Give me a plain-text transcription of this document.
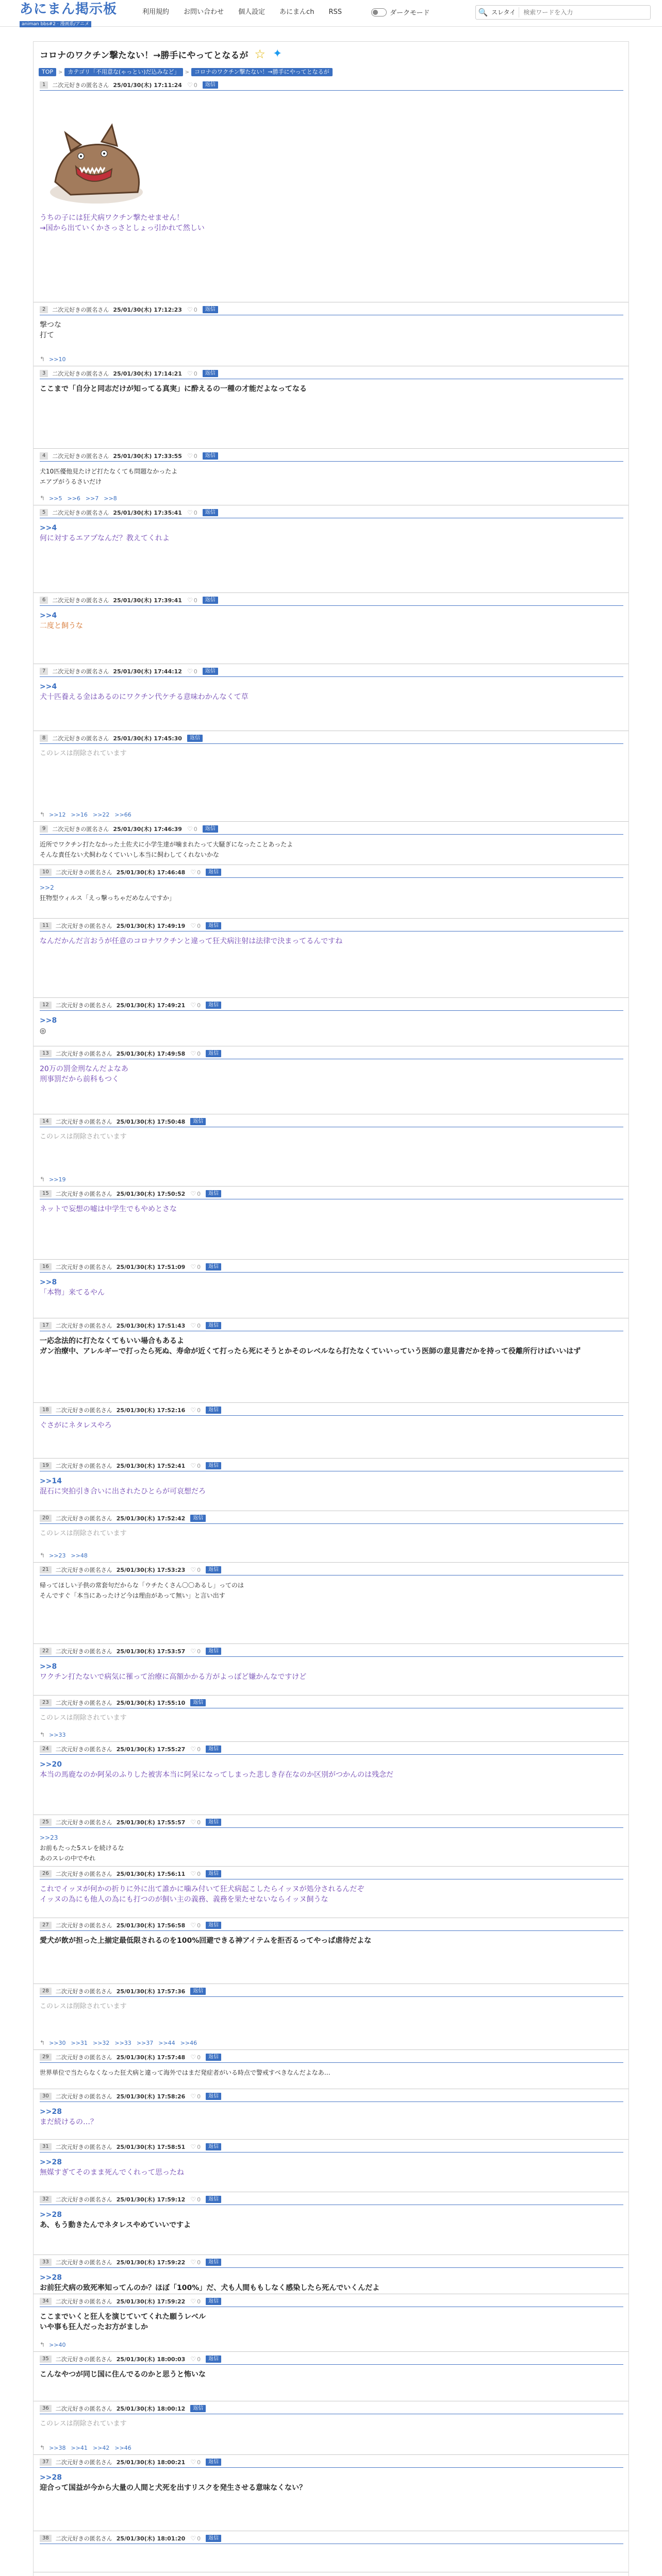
あにまん掲示板
animan bbs#2 · 漫画系/アニメ
利用規約	お問い合わせ	個人設定	あにまんch	RSS	ダークモード	🔍 スレタイ
検索ワードを入力
コロナのワクチン撃たない！→勝手にやってとなるが ☆ ✦
TOP	> カテゴリ「不用意な(ゃっとい)だ込みなど」	> コロナのワクチン撃たない！→勝手にやってとなるが
1	二次元好きの匿名さん 25/01/30(木) 17:11:24 ♡ 0	返信
うちの子には狂犬病ワクチン撃たせません！
→国から出ていくかさっさとしょっ引かれて然しい
2	二次元好きの匿名さん 25/01/30(木) 17:12:23 ♡ 0	返信
撃つな
打て
↰ >>10
3	二次元好きの匿名さん 25/01/30(木) 17:14:21 ♡ 0	返信
ここまで「自分と同志だけが知ってる真実」に酔えるの一種の才能だよなってなる
4	二次元好きの匿名さん 25/01/30(木) 17:33:55 ♡ 0	返信
犬10匹優他見たけど打たなくても問題なかったよ
エアプがうるさいだけ
↰ >>5 >>6 >>7 >>8
5	二次元好きの匿名さん 25/01/30(木) 17:35:41 ♡ 0	返信
>>4
何に対するエアプなんだ？教えてくれよ
6	二次元好きの匿名さん 25/01/30(木) 17:39:41 ♡ 0	返信
>>4
二度と飼うな
7	二次元好きの匿名さん 25/01/30(木) 17:44:12 ♡ 0	返信
>>4
犬十匹養える金はあるのにワクチン代ケチる意味わかんなくて草
8	二次元好きの匿名さん 25/01/30(木) 17:45:30	返信
このレスは削除されています
↰ >>12 >>16 >>22 >>66
9	二次元好きの匿名さん 25/01/30(木) 17:46:39 ♡ 0	返信
近所でワクチン打たなかった土佐犬に小学生達が噛まれたって大騒ぎになったことあったよ
そんな責任ない犬飼わなくていいし本当に飼わしてくれないかな
10	二次元好きの匿名さん 25/01/30(木) 17:46:48 ♡ 0	返信
>>2
狂物型ウィルス「えっ撃っちゃだめなんですか」
11	二次元好きの匿名さん 25/01/30(木) 17:49:19 ♡ 0	返信
なんだかんだ言おうが任意のコロナワクチンと違って狂犬病注射は法律で決まってるんですね
12	二次元好きの匿名さん 25/01/30(木) 17:49:21 ♡ 0	返信
>>8
◎
13	二次元好きの匿名さん 25/01/30(木) 17:49:58 ♡ 0	返信
20万の罰金刑なんだよなあ
刑事罰だから前科もつく
14	二次元好きの匿名さん 25/01/30(木) 17:50:48	返信
このレスは削除されています
↰ >>19
15	二次元好きの匿名さん 25/01/30(木) 17:50:52 ♡ 0	返信
ネットで妄想の嘘は中学生でもやめとさな
16	二次元好きの匿名さん 25/01/30(木) 17:51:09 ♡ 0	返信
>>8
「本物」来てるやん
17	二次元好きの匿名さん 25/01/30(木) 17:51:43 ♡ 0	返信
一応念法的に打たなくてもいい場合もあるよ
ガン治療中、アレルギーで打ったら死ぬ、寿命が近くて打ったら死にそうとかそのレベルなら打たなくていいっていう医師の意見書だかを持って役離所行けばいいはず
18	二次元好きの匿名さん 25/01/30(木) 17:52:16 ♡ 0	返信
ぐさがにネタレスやろ
19	二次元好きの匿名さん 25/01/30(木) 17:52:41 ♡ 0	返信
>>14
混石に突拍引き合いに出されたひとらが可哀想だろ
20	二次元好きの匿名さん 25/01/30(木) 17:52:42	返信
このレスは削除されています
↰ >>23 >>48
21	二次元好きの匿名さん 25/01/30(木) 17:53:23 ♡ 0	返信
帰ってほしい子供の常套句だからな「ウチたくさん〇〇あるし」ってのは
そんですぐ「本当にあったけど今は理由があって無い」と言い出す
22	二次元好きの匿名さん 25/01/30(木) 17:53:57 ♡ 0	返信
>>8
ワクチン打たないで病気に罹って治療に高額かかる方がよっぽど嫌かんなですけど
23	二次元好きの匿名さん 25/01/30(木) 17:55:10	返信
このレスは削除されています
↰ >>33
24	二次元好きの匿名さん 25/01/30(木) 17:55:27 ♡ 0	返信
>>20
本当の馬鹿なのか阿呆のふりした被害本当に阿呆になってしまった悲しき存在なのか区別がつかんのは残念だ
25	二次元好きの匿名さん 25/01/30(木) 17:55:57 ♡ 0	返信
>>23
お前もたった5スレを続けるな
あのスレの中でやれ
26	二次元好きの匿名さん 25/01/30(木) 17:56:11 ♡ 0	返信
これでイッヌが何かの折りに外に出て誰かに噛み付いて狂犬病起こしたらイッヌが処分されるんだぞ
イッヌの為にも他人の為にも打つのが飼い主の義務、義務を果たせないならイッヌ飼うな
27	二次元好きの匿名さん 25/01/30(木) 17:56:58 ♡ 0	返信
愛犬が飲が担った上揃定最低限されるのを100%回避できる神アイテムを拒否るってやっぱ虐待だよな
28	二次元好きの匿名さん 25/01/30(木) 17:57:36	返信
このレスは削除されています
↰ >>30 >>31 >>32 >>33 >>37 >>44 >>46
29	二次元好きの匿名さん 25/01/30(木) 17:57:48 ♡ 0	返信
世界単位で当たらなくなった狂犬病と違って海外ではまだ発症者がいる時点で警戒すべきなんだよなあ…
30	二次元好きの匿名さん 25/01/30(木) 17:58:26 ♡ 0	返信
>>28
まだ続けるの…？
31	二次元好きの匿名さん 25/01/30(木) 17:58:51 ♡ 0	返信
>>28
無媒すぎてそのまま死んでくれって思ったね
32	二次元好きの匿名さん 25/01/30(木) 17:59:12 ♡ 0	返信
>>28
あ、もう動きたんでネタレスやめていいですよ
33	二次元好きの匿名さん 25/01/30(木) 17:59:22 ♡ 0	返信
>>28
お前狂犬病の致死率知ってんのか？ほぼ「100%」だ、犬も人間ももしなく感染したら死んでいくんだよ
34	二次元好きの匿名さん 25/01/30(木) 17:59:22 ♡ 0	返信
ここまでいくと狂人を演じていてくれた願うレベル
いや事も狂人だったお方がましか
↰ >>40
35	二次元好きの匿名さん 25/01/30(木) 18:00:03 ♡ 0	返信
こんなやつが同じ国に住んでるのかと思うと怖いな
36	二次元好きの匿名さん 25/01/30(木) 18:00:12	返信
このレスは削除されています
↰ >>38 >>41 >>42 >>46
37	二次元好きの匿名さん 25/01/30(木) 18:00:21 ♡ 0	返信
>>28
迎合って国益が今から大量の人間と犬死を出すリスクを発生させる意味なくない？
38	二次元好きの匿名さん 25/01/30(木) 18:01:20 ♡ 0	返信
